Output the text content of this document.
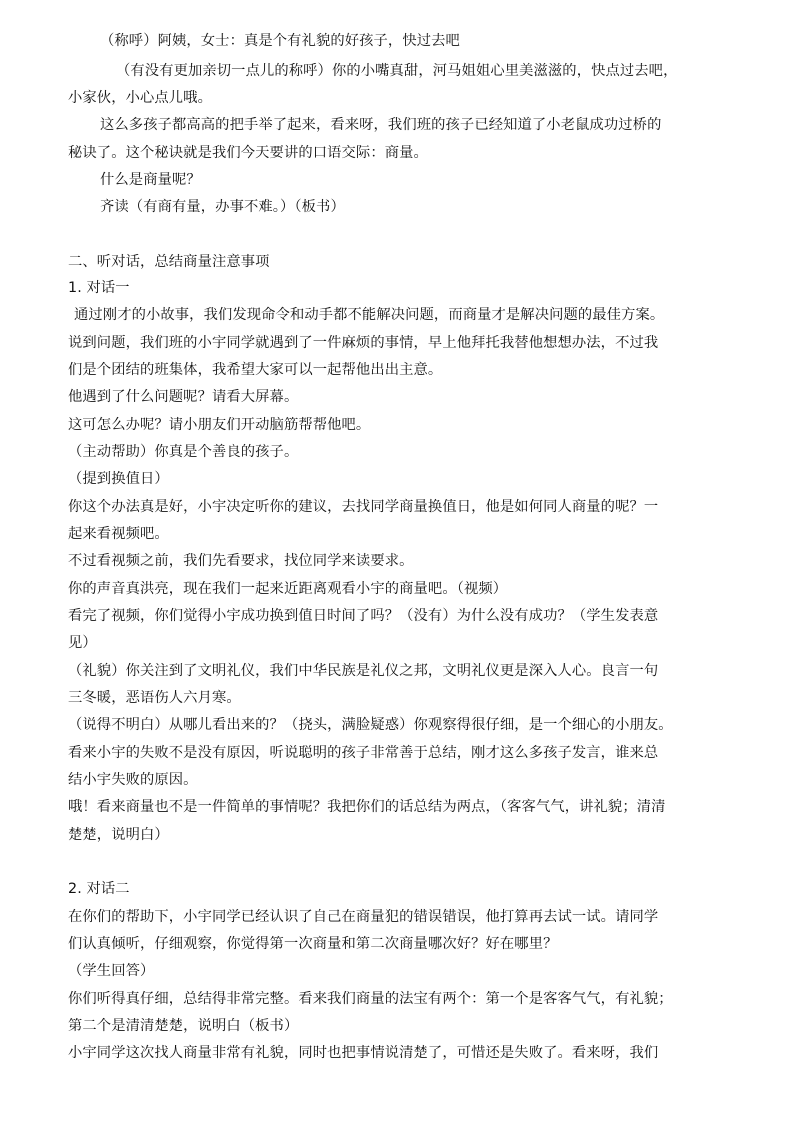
（称呼）阿姨，女士：真是个有礼貌的好孩子，快过去吧

（有没有更加亲切一点儿的称呼）你的小嘴真甜，河马姐姐心里美滋滋的，快点过去吧，

小家伙，小心点儿哦。

这么多孩子都高高的把手举了起来，看来呀，我们班的孩子已经知道了小老鼠成功过桥的

秘诀了。这个秘诀就是我们今天要讲的口语交际：商量。

什么是商量呢？

齐读（有商有量，办事不难。）（板书）

二、听对话，总结商量注意事项

1. 对话一

通过刚才的小故事，我们发现命令和动手都不能解决问题，而商量才是解决问题的最佳方案。

说到问题，我们班的小宇同学就遇到了一件麻烦的事情，早上他拜托我替他想想办法，不过我

们是个团结的班集体，我希望大家可以一起帮他出出主意。

他遇到了什么问题呢？请看大屏幕。

这可怎么办呢？请小朋友们开动脑筋帮帮他吧。

（主动帮助）你真是个善良的孩子。

（提到换值日）

你这个办法真是好，小宇决定听你的建议，去找同学商量换值日，他是如何同人商量的呢？一

起来看视频吧。

不过看视频之前，我们先看要求，找位同学来读要求。

你的声音真洪亮，现在我们一起来近距离观看小宇的商量吧。（视频）

看完了视频，你们觉得小宇成功换到值日时间了吗？（没有）为什么没有成功？（学生发表意

见）

（礼貌）你关注到了文明礼仪，我们中华民族是礼仪之邦，文明礼仪更是深入人心。良言一句

三冬暖，恶语伤人六月寒。

（说得不明白）从哪儿看出来的？（挠头，满脸疑惑）你观察得很仔细，是一个细心的小朋友。

看来小宇的失败不是没有原因，听说聪明的孩子非常善于总结，刚才这么多孩子发言，谁来总

结小宇失败的原因。

哦！看来商量也不是一件简单的事情呢？我把你们的话总结为两点，（客客气气，讲礼貌；清清

楚楚，说明白）

2. 对话二

在你们的帮助下，小宇同学已经认识了自己在商量犯的错误错误，他打算再去试一试。请同学

们认真倾听，仔细观察，你觉得第一次商量和第二次商量哪次好？好在哪里？

（学生回答）

你们听得真仔细，总结得非常完整。看来我们商量的法宝有两个：第一个是客客气气，有礼貌；

第二个是清清楚楚，说明白（板书）

小宇同学这次找人商量非常有礼貌，同时也把事情说清楚了，可惜还是失败了。看来呀，我们
